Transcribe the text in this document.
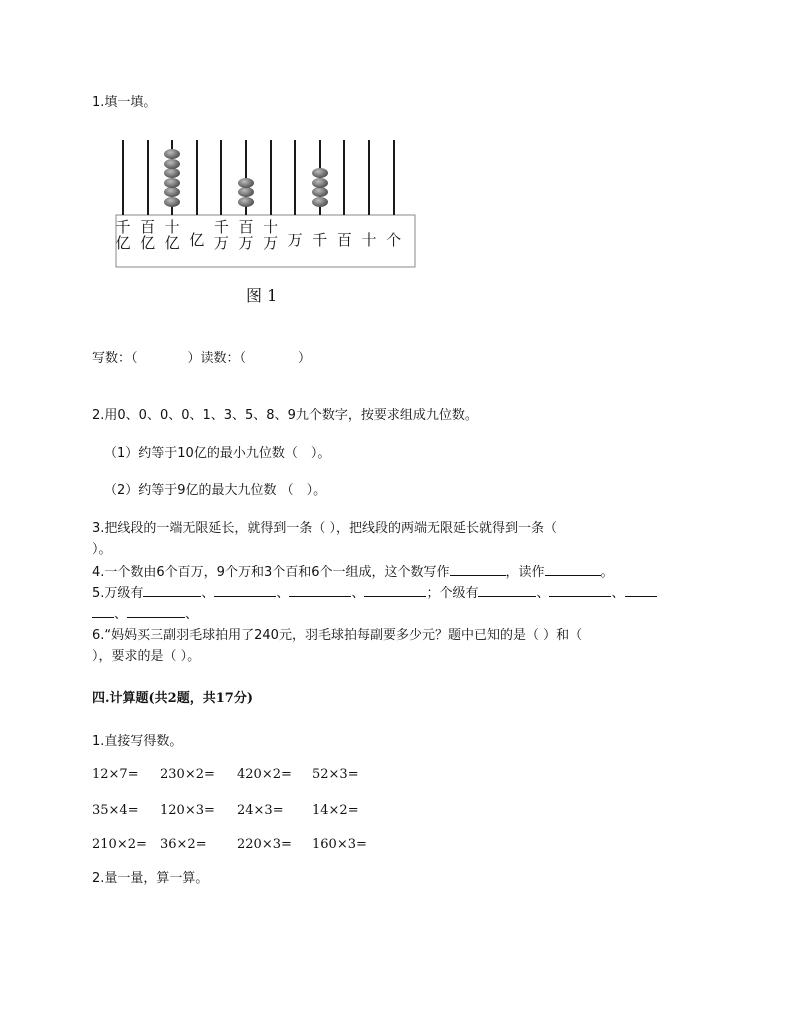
1.填一填。
千亿
百亿
十亿 亿
千万
百万
十万 万 千 百 十 个
图 1
写数：（	）读数：（	）
2.用0、0、0、0、1、3、5、8、9九个数字，按要求组成九位数。
（1）约等于10亿的最小九位数（　）。
（2）约等于9亿的最大九位数 （　）。
3.把线段的一端无限延长，就得到一条（ ），把线段的两端无限延长就得到一条（
）。
4.一个数由6个百万，9个万和3个百和6个一组成，这个数写作	，读作	。
5.万级有	、	、	、	；个级有	、	、
、	、
6.“妈妈买三副羽毛球拍用了240元，羽毛球拍每副要多少元？题中已知的是（ ）和（
），要求的是（ ）。
四.计算题(共2题，共17分)
1.直接写得数。
12×7= 230×2= 420×2= 52×3=
35×4= 120×3= 24×3= 14×2=
210×2= 36×2= 220×3= 160×3=
2.量一量，算一算。
